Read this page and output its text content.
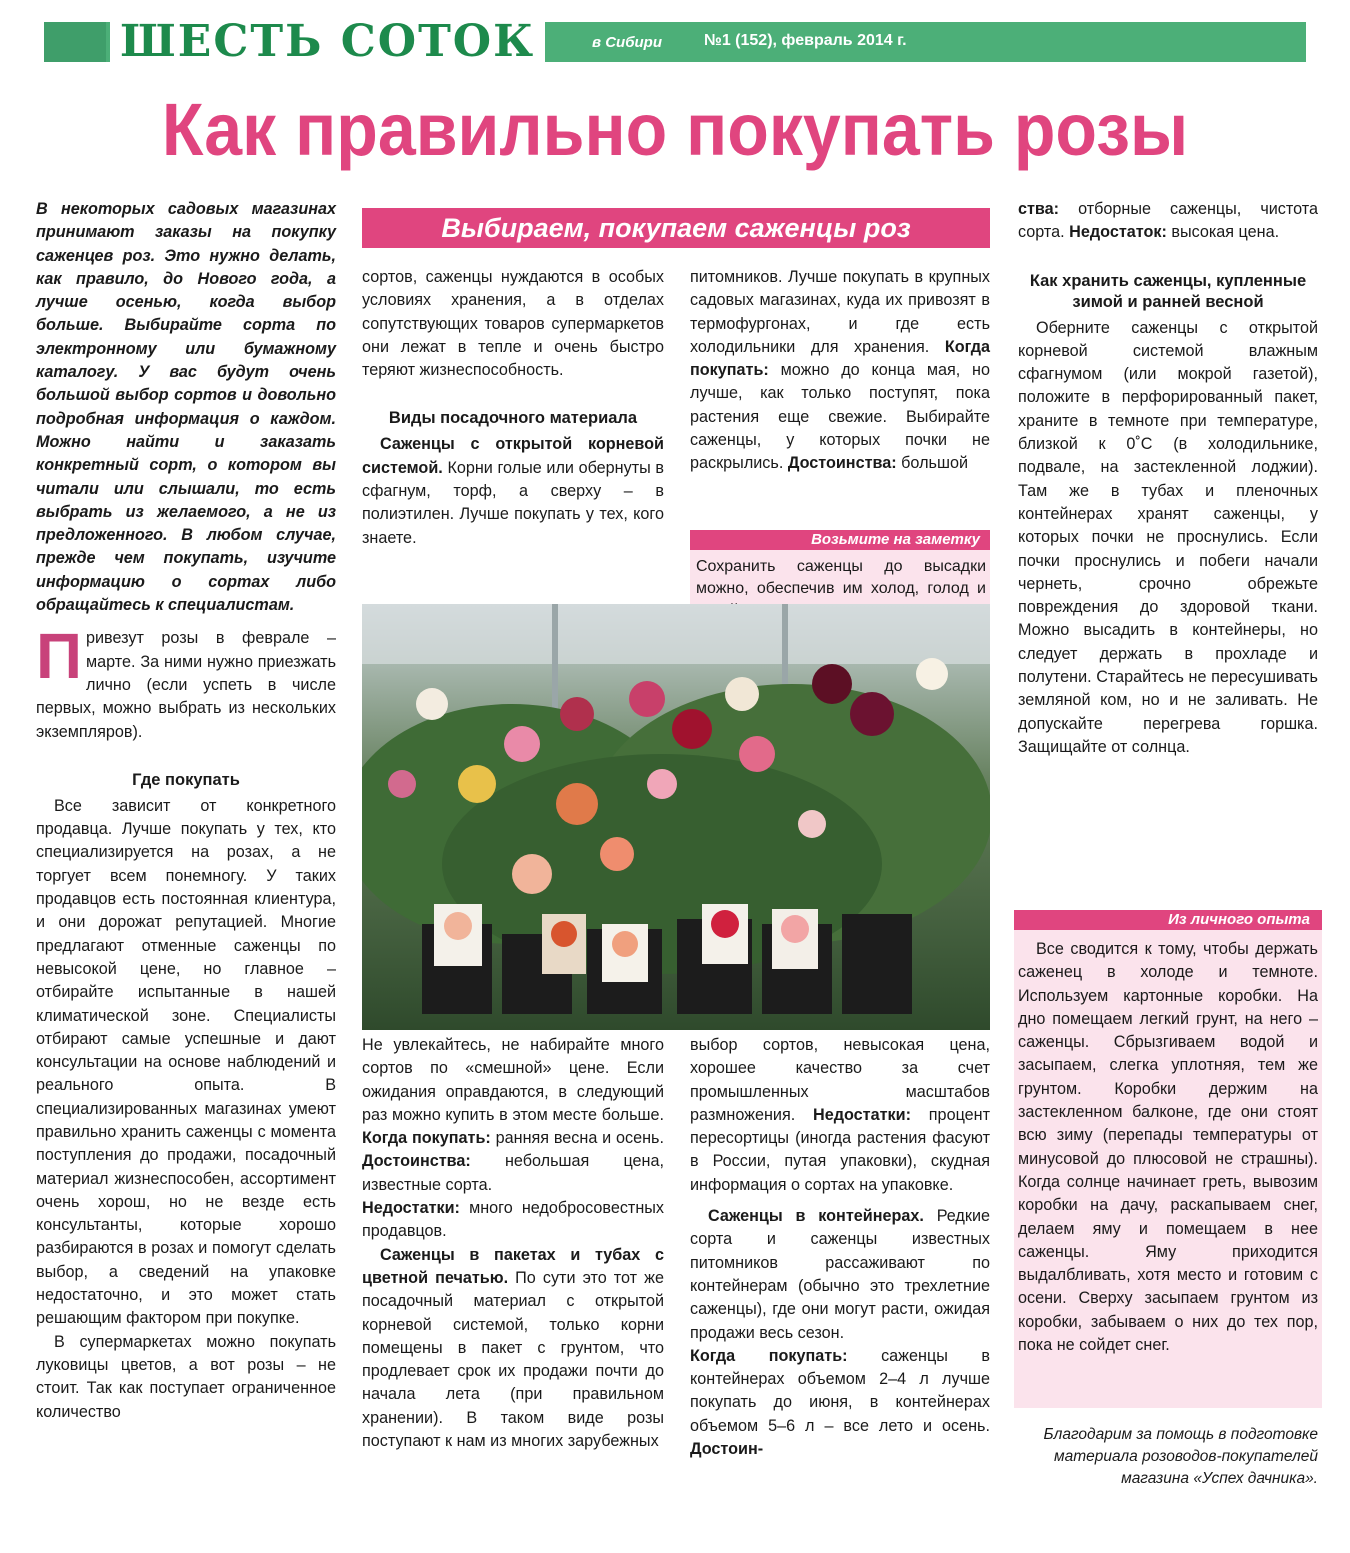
ШЕСТЬ СОТОК	в Сибири	№1 (152), февраль 2014 г.
Как правильно покупать розы
В некоторых садовых магазинах принимают заказы на покупку саженцев роз. Это нужно делать, как правило, до Нового года, а лучше осенью, когда выбор больше. Выбирайте сорта по электронному или бумажному каталогу. У вас будут очень большой выбор сортов и довольно подробная информация о каждом. Можно найти и заказать конкретный сорт, о котором вы читали или слышали, то есть выбрать из желаемого, а не из предложенного. В любом случае, прежде чем покупать, изучите информацию о сортах либо обращайтесь к специалистам.

Привезут розы в феврале – марте. За ними нужно приезжать лично (если успеть в числе первых, можно выбрать из нескольких экземпляров).

Где покупать

Все зависит от конкретного продавца. Лучше покупать у тех, кто специализируется на розах, а не торгует всем понемногу. У таких продавцов есть постоянная клиентура, и они дорожат репутацией. Многие предлагают отменные саженцы по невысокой цене, но главное – отбирайте испытанные в нашей климатической зоне. Специалисты отбирают самые успешные и дают консультации на основе наблюдений и реального опыта. В специализированных магазинах умеют правильно хранить саженцы с момента поступления до продажи, посадочный материал жизнеспособен, ассортимент очень хорош, но не везде есть консультанты, которые хорошо разбираются в розах и помогут сделать выбор, а сведений на упаковке недостаточно, и это может стать решающим фактором при покупке.

В супермаркетах можно покупать луковицы цветов, а вот розы – не стоит. Так как поступает ограниченное количество

Выбираем, покупаем саженцы роз

сортов, саженцы нуждаются в особых условиях хранения, а в отделах сопутствующих товаров супермаркетов они лежат в тепле и очень быстро теряют жизнеспособность.

Виды посадочного материала

Саженцы с открытой корневой системой. Корни голые или обернуты в сфагнум, торф, а сверху – в полиэтилен. Лучше покупать у тех, кого знаете.

питомников. Лучше покупать в крупных садовых магазинах, куда их привозят в термофургонах, и где есть холодильники для хранения. Когда покупать: можно до конца мая, но лучше, как только поступят, пока растения еще свежие. Выбирайте саженцы, у которых почки не раскрылись. Достоинства: большой

Возьмите на заметку
Сохранить саженцы до высадки можно, обеспечив им холод, голод и

Не увлекайтесь, не набирайте много сортов по «смешной» цене. Если ожидания оправдаются, в следующий раз можно купить в этом месте больше. Когда покупать: ранняя весна и осень. Достоинства: небольшая цена, известные сорта.

Недостатки: много недобросовестных продавцов.

Саженцы в пакетах и тубах с цветной печатью. По сути это тот же посадочный материал с открытой корневой системой, только корни помещены в пакет с грунтом, что продлевает срок их продажи почти до начала лета (при правильном хранении). В таком виде розы поступают к нам из многих зарубежных

выбор сортов, невысокая цена, хорошее качество за счет промышленных масштабов размножения. Недостатки: процент пересортицы (иногда растения фасуют в России, путая упаковки), скудная информация о сортах на упаковке.

Саженцы в контейнерах. Редкие сорта и саженцы известных питомников рассаживают по контейнерам (обычно это трехлетние саженцы), где они могут расти, ожидая продажи весь сезон.

Когда покупать: саженцы в контейнерах объемом 2–4 л лучше покупать до июня, в контейнерах объемом 5–6 л – все лето и осень. Достоин-

ства: отборные саженцы, чистота сорта. Недостаток: высокая цена.

Как хранить саженцы, купленные зимой и ранней весной

Оберните саженцы с открытой корневой системой влажным сфагнумом (или мокрой газетой), положите в перфорированный пакет, храните в темноте при температуре, близкой к 0˚С (в холодильнике, подвале, на застекленной лоджии). Там же в тубах и пленочных контейнерах хранят саженцы, у которых почки не проснулись. Если почки проснулись и побеги начали чернеть, срочно обрежьте повреждения до здоровой ткани. Можно высадить в контейнеры, но следует держать в прохладе и полутени. Старайтесь не пересушивать земляной ком, но и не заливать. Не допускайте перегрева горшка. Защищайте от солнца.

Из личного опыта

Все сводится к тому, чтобы держать саженец в холоде и темноте. Используем картонные коробки. На дно помещаем легкий грунт, на него – саженцы. Сбрызгиваем водой и засыпаем, слегка уплотняя, тем же грунтом. Коробки держим на застекленном балконе, где они стоят всю зиму (перепады температуры от минусовой до плюсовой не страшны). Когда солнце начинает греть, вывозим коробки на дачу, раскапываем снег, делаем яму и помещаем в нее саженцы. Яму приходится выдалбливать, хотя место и готовим с осени. Сверху засыпаем грунтом из коробки, забываем о них до тех пор, пока не сойдет снег.

Благодарим за помощь в подготовке материала розоводов-покупателей магазина «Успех дачника».
